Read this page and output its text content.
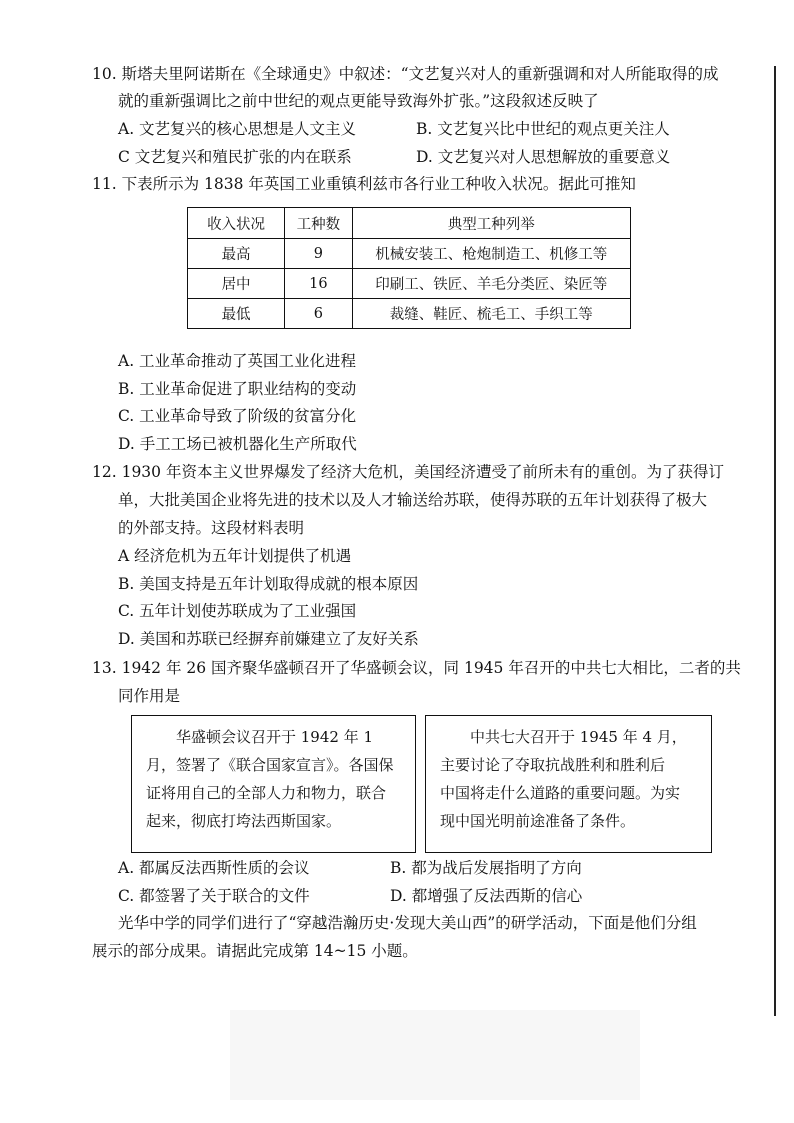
10. 斯塔夫里阿诺斯在《全球通史》中叙述：“文艺复兴对人的重新强调和对人所能取得的成
就的重新强调比之前中世纪的观点更能导致海外扩张。”这段叙述反映了
A. 文艺复兴的核心思想是人文主义	B. 文艺复兴比中世纪的观点更关注人
C 文艺复兴和殖民扩张的内在联系	D. 文艺复兴对人思想解放的重要意义
11. 下表所示为 1838 年英国工业重镇利兹市各行业工种收入状况。据此可推知
收入状况	工种数	典型工种列举
最高	9	机械安装工、枪炮制造工、机修工等
居中	16	印刷工、铁匠、羊毛分类匠、染匠等
最低	6	裁缝、鞋匠、梳毛工、手织工等
A. 工业革命推动了英国工业化进程
B. 工业革命促进了职业结构的变动
C. 工业革命导致了阶级的贫富分化
D. 手工工场已被机器化生产所取代
12. 1930 年资本主义世界爆发了经济大危机，美国经济遭受了前所未有的重创。为了获得订
单，大批美国企业将先进的技术以及人才输送给苏联，使得苏联的五年计划获得了极大
的外部支持。这段材料表明
A 经济危机为五年计划提供了机遇
B. 美国支持是五年计划取得成就的根本原因
C. 五年计划使苏联成为了工业强国
D. 美国和苏联已经摒弃前嫌建立了友好关系
13. 1942 年 26 国齐聚华盛顿召开了华盛顿会议，同 1945 年召开的中共七大相比，二者的共
同作用是
华盛顿会议召开于 1942 年 1
月，签署了《联合国家宣言》。各国保
证将用自己的全部人力和物力，联合
起来，彻底打垮法西斯国家。
中共七大召开于 1945 年 4 月，
主要讨论了夺取抗战胜利和胜利后
中国将走什么道路的重要问题。为实
现中国光明前途准备了条件。
A. 都属反法西斯性质的会议	B. 都为战后发展指明了方向
C. 都签署了关于联合的文件	D. 都增强了反法西斯的信心
光华中学的同学们进行了“穿越浩瀚历史·发现大美山西”的研学活动，下面是他们分组
展示的部分成果。请据此完成第 14~15 小题。
